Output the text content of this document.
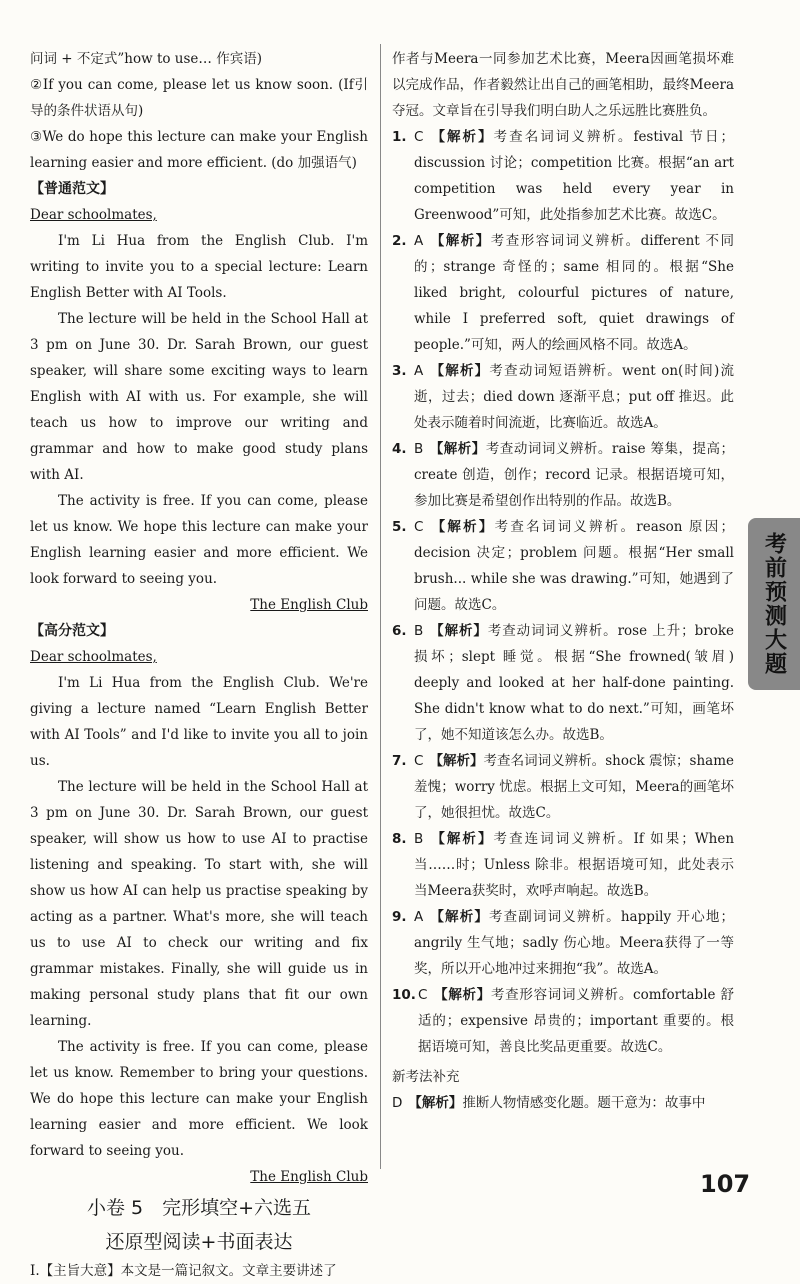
问词 + 不定式”how to use… 作宾语)

②If you can come, please let us know soon. (If引导的条件状语从句)

③We do hope this lecture can make your English learning easier and more efficient. (do 加强语气)

【普通范文】

Dear schoolmates,

I'm Li Hua from the English Club. I'm writing to invite you to a special lecture: Learn English Better with AI Tools.

The lecture will be held in the School Hall at 3 pm on June 30. Dr. Sarah Brown, our guest speaker, will share some exciting ways to learn English with AI with us. For example, she will teach us how to improve our writing and grammar and how to make good study plans with AI.

The activity is free. If you can come, please let us know. We hope this lecture can make your English learning easier and more efficient. We look forward to seeing you.

The English Club

【高分范文】

Dear schoolmates,

I'm Li Hua from the English Club. We're giving a lecture named “Learn English Better with AI Tools” and I'd like to invite you all to join us.

The lecture will be held in the School Hall at 3 pm on June 30. Dr. Sarah Brown, our guest speaker, will show us how to use AI to practise listening and speaking. To start with, she will show us how AI can help us practise speaking by acting as a partner. What's more, she will teach us to use AI to check our writing and fix grammar mistakes. Finally, she will guide us in making personal study plans that fit our own learning.

The activity is free. If you can come, please let us know. Remember to bring your questions. We do hope this lecture can make your English learning easier and more efficient. We look forward to seeing you.

The English Club
小卷 5　完形填空+六选五
还原型阅读+书面表达

Ⅰ.【主旨大意】本文是一篇记叙文。文章主要讲述了

作者与Meera一同参加艺术比赛，Meera因画笔损坏难以完成作品，作者毅然让出自己的画笔相助，最终Meera夺冠。文章旨在引导我们明白助人之乐远胜比赛胜负。

1. C 【解析】考查名词词义辨析。festival 节日；discussion 讨论；competition 比赛。根据“an art competition was held every year in Greenwood”可知，此处指参加艺术比赛。故选C。
2. A 【解析】考查形容词词义辨析。different 不同的；strange 奇怪的；same 相同的。根据“She liked bright, colourful pictures of nature, while I preferred soft, quiet drawings of people.”可知，两人的绘画风格不同。故选A。
3. A 【解析】考查动词短语辨析。went on(时间)流逝，过去；died down 逐渐平息；put off 推迟。此处表示随着时间流逝，比赛临近。故选A。
4. B 【解析】考查动词词义辨析。raise 筹集，提高；create 创造，创作；record 记录。根据语境可知，参加比赛是希望创作出特别的作品。故选B。
5. C 【解析】考查名词词义辨析。reason 原因；decision 决定；problem 问题。根据“Her small brush... while she was drawing.”可知，她遇到了问题。故选C。
6. B 【解析】考查动词词义辨析。rose 上升；broke 损坏；slept 睡觉。根据“She frowned(皱眉) deeply and looked at her half-done painting. She didn't know what to do next.”可知，画笔坏了，她不知道该怎么办。故选B。
7. C 【解析】考查名词词义辨析。shock 震惊；shame 羞愧；worry 忧虑。根据上文可知，Meera的画笔坏了，她很担忧。故选C。
8. B 【解析】考查连词词义辨析。If 如果；When 当……时；Unless 除非。根据语境可知，此处表示当Meera获奖时，欢呼声响起。故选B。
9. A 【解析】考查副词词义辨析。happily 开心地；angrily 生气地；sadly 伤心地。Meera获得了一等奖，所以开心地冲过来拥抱“我”。故选A。
10. C 【解析】考查形容词词义辨析。comfortable 舒适的；expensive 昂贵的；important 重要的。根据语境可知，善良比奖品更重要。故选C。
新考法补充

D 【解析】推断人物情感变化题。题干意为：故事中

考前预测大题
107
